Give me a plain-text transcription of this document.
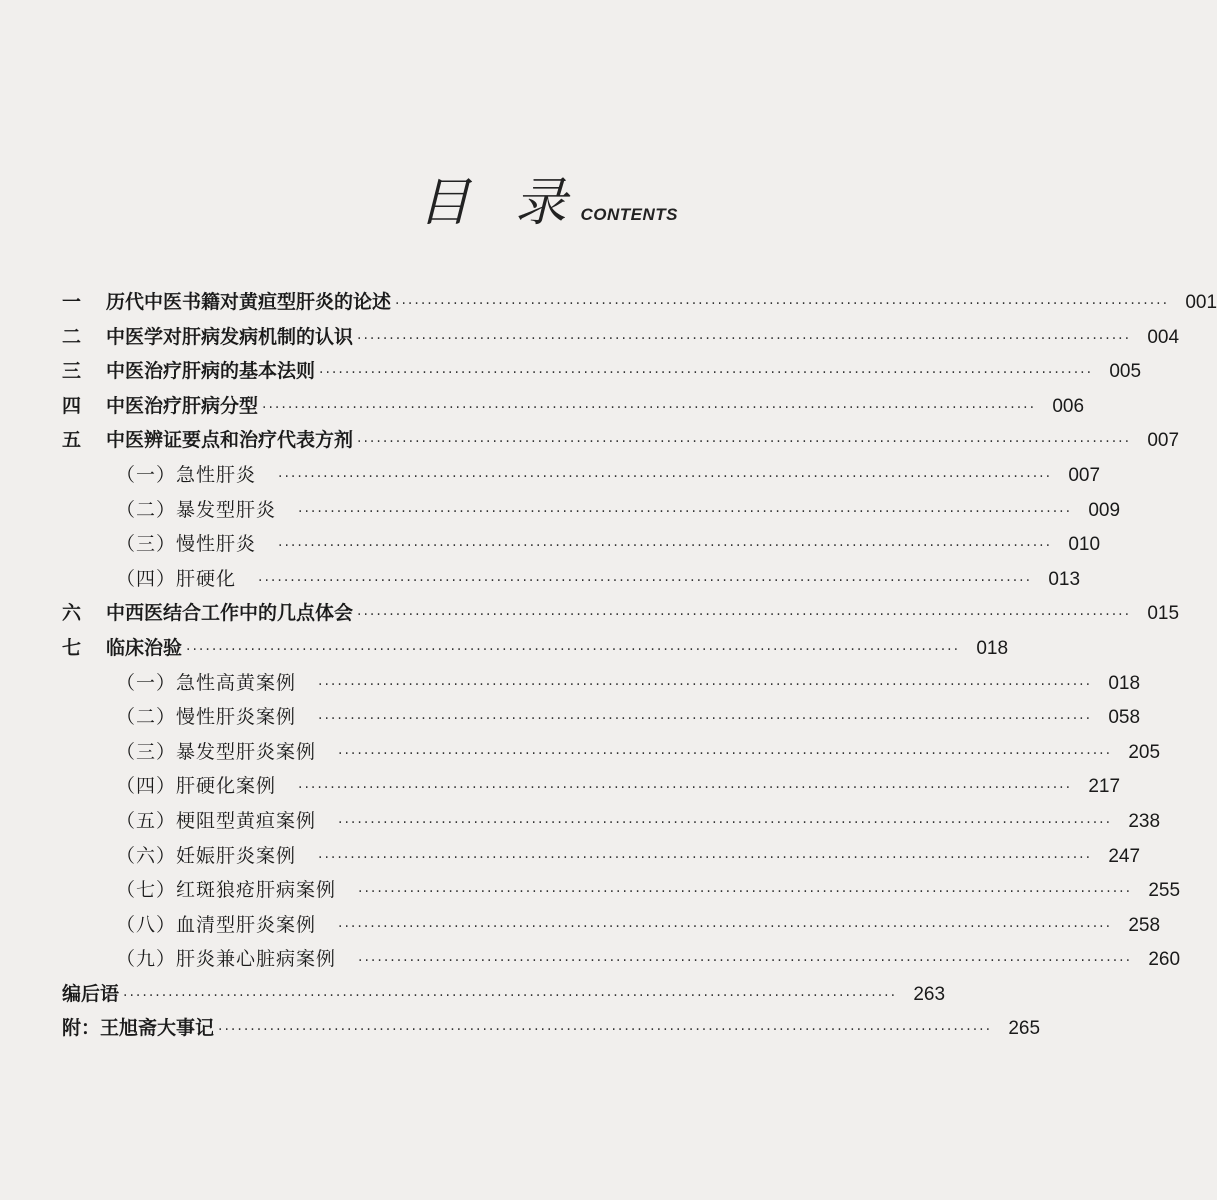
目 录CONTENTS
一	历代中医书籍对黄疸型肝炎的论述 ························································································································ 001
二	中医学对肝病发病机制的认识 ························································································································ 004
三	中医治疗肝病的基本法则 ························································································································ 005
四	中医治疗肝病分型 ························································································································ 006
五	中医辨证要点和治疗代表方剂 ························································································································ 007
（一）急性肝炎 ························································································································ 007
（二）暴发型肝炎 ························································································································ 009
（三）慢性肝炎 ························································································································ 010
（四）肝硬化 ························································································································ 013
六	中西医结合工作中的几点体会 ························································································································ 015
七	临床治验 ························································································································ 018
（一）急性高黄案例 ························································································································ 018
（二）慢性肝炎案例 ························································································································ 058
（三）暴发型肝炎案例 ························································································································ 205
（四）肝硬化案例 ························································································································ 217
（五）梗阻型黄疸案例 ························································································································ 238
（六）妊娠肝炎案例 ························································································································ 247
（七）红斑狼疮肝病案例 ························································································································ 255
（八）血清型肝炎案例 ························································································································ 258
（九）肝炎兼心脏病案例 ························································································································ 260
编后语 ························································································································ 263
附：王旭斋大事记 ························································································································ 265
